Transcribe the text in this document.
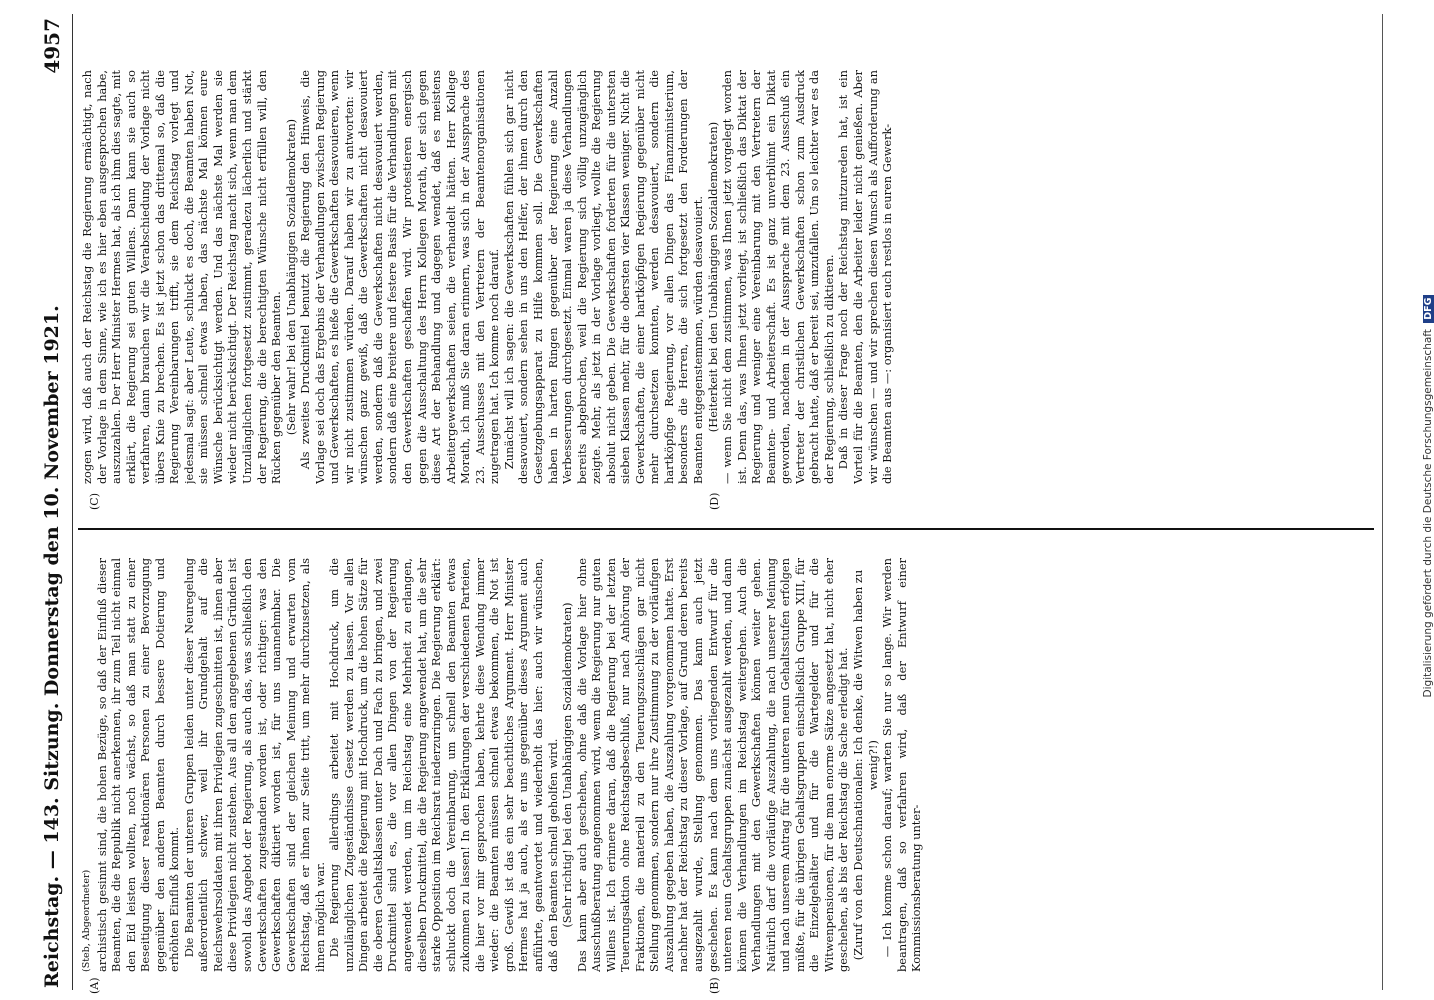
Reichstag. — 143. Sitzung. Donnerstag den 10. November 1921.
4957
(A)	(B)
(C)	(D)

(Steb, Abgeordneter) archistisch gesinnt sind, die hohen Bezüge, so daß der Einfluß dieser Beamten, die die Republik nicht anerkennen, ihr zum Teil nicht einmal den Eid leisten wollten, noch wächst, so daß man statt zu einer Beseitigung dieser reaktionären Personen zu einer Bevorzugung gegenüber den anderen Beamten durch bessere Dotierung und erhöhten Einfluß kommt. Die Beamten der unteren Gruppen leiden unter dieser Neuregelung außerordentlich schwer, weil ihr Grundgehalt auf die Reichswehrsoldaten mit ihren Privilegien zugeschnitten ist, ihnen aber diese Privilegien nicht zustehen. Aus all den angegebenen Gründen ist sowohl das Angebot der Regierung, als auch das, was schließlich den Gewerkschaften zugestanden worden ist, oder richtiger: was den Gewerkschaften diktiert worden ist, für uns unannehmbar. Die Gewerkschaften sind der gleichen Meinung und erwarten vom Reichstag, daß er ihnen zur Seite tritt, um mehr durchzusetzen, als ihnen möglich war. Die Regierung allerdings arbeitet mit Hochdruck, um die unzulänglichen Zugeständnisse Gesetz werden zu lassen. Vor allen Dingen arbeitet die Regierung mit Hochdruck, um die hohen Sätze für die oberen Gehaltsklassen unter Dach und Fach zu bringen, und zwei Druckmittel sind es, die vor allen Dingen von der Regierung angewendet werden, um im Reichstag eine Mehrheit zu erlangen, dieselben Druckmittel, die die Regierung angewendet hat, um die sehr starke Opposition im Reichsrat niederzuringen. Die Regierung erklärt: schluckt doch die Vereinbarung, um schnell den Beamten etwas zukommen zu lassen! In den Erklärungen der verschiedenen Parteien, die hier vor mir gesprochen haben, kehrte diese Wendung immer wieder: die Beamten müssen schnell etwas bekommen, die Not ist groß. Gewiß ist das ein sehr beachtliches Argument. Herr Minister Hermes hat ja auch, als er uns gegenüber dieses Argument auch anführte, geantwortet und wiederholt das hier: auch wir wünschen, daß den Beamten schnell geholfen wird. (Sehr richtig! bei den Unabhängigen Sozialdemokraten) Das kann aber auch geschehen, ohne daß die Vorlage hier ohne Ausschußberatung angenommen wird, wenn die Regierung nur guten Willens ist. Ich erinnere daran, daß die Regierung bei der letzten Teuerungsaktion ohne Reichstagsbeschluß, nur nach Anhörung der Fraktionen, die materiell zu den Teuerungszuschlägen gar nicht Stellung genommen, sondern nur ihre Zustimmung zu der vorläufigen Auszahlung gegeben haben, die Auszahlung vorgenommen hatte. Erst nachher hat der Reichstag zu dieser Vorlage, auf Grund deren bereits ausgezahlt wurde, Stellung genommen. Das kann auch jetzt geschehen. Es kann nach dem uns vorliegenden Entwurf für die unteren neun Gehaltsgruppen zunächst ausgezahlt werden, und dann können die Verhandlungen im Reichstag weitergehen. Auch die Verhandlungen mit den Gewerkschaften können weiter gehen. Natürlich darf die vorläufige Auszahlung, die nach unserer Meinung und nach unserem Antrag für die unteren neun Gehaltsstufen erfolgen müßte, für die übrigen Gehaltsgruppen einschließlich Gruppe XIII, für die Einzelgehälter und für die Wartegelder und für die Witwenpensionen, für die man enorme Sätze angesetzt hat, nicht eher geschehen, als bis der Reichstag die Sache erledigt hat. (Zuruf von den Deutschnationalen: Ich denke, die Witwen haben zu wenig?!) — Ich komme schon darauf; warten Sie nur so lange. Wir werden beantragen, daß so verfahren wird, daß der Entwurf einer Kommissionsberatung unter-

zogen wird, daß auch der Reichstag die Regierung ermächtigt, nach der Vorlage in dem Sinne, wie ich es hier eben ausgesprochen habe, auszuzahlen. Der Herr Minister Hermes hat, als ich ihm dies sagte, mit erklärt, die Regierung sei guten Willens. Dann kann sie auch so verfahren, dann brauchen wir die Verabschiedung der Vorlage nicht übers Knie zu brechen. Es ist jetzt schon das drittemal so, daß die Regierung Vereinbarungen trifft, sie dem Reichstag vorlegt und jedesmal sagt: aber Leute, schluckt es doch, die Beamten haben Not, sie müssen schnell etwas haben, das nächste Mal können eure Wünsche berücksichtigt werden. Und das nächste Mal werden sie wieder nicht berücksichtigt. Der Reichstag macht sich, wenn man dem Unzulänglichen fortgesetzt zustimmt, geradezu lächerlich und stärkt der Regierung, die die berechtigten Wünsche nicht erfüllen will, den Rücken gegenüber den Beamten. (Sehr wahr! bei den Unabhängigen Sozialdemokraten) Als zweites Druckmittel benutzt die Regierung den Hinweis, die Vorlage sei doch das Ergebnis der Verhandlungen zwischen Regierung und Gewerkschaften, es hieße die Gewerkschaften desavouieren, wenn wir nicht zustimmen würden. Darauf haben wir zu antworten: wir wünschen ganz gewiß, daß die Gewerkschaften nicht desavouiert werden, sondern daß die Gewerkschaften nicht desavouiert werden, sondern daß eine breitere und festere Basis für die Verhandlungen mit den Gewerkschaften geschaffen wird. Wir protestieren energisch gegen die Ausschaltung des Herrn Kollegen Morath, der sich gegen diese Art der Behandlung und dagegen wendet, daß es meistens Arbeitergewerkschaften seien, die verhandelt hätten. Herr Kollege Morath, ich muß Sie daran erinnern, was sich in der Aussprache des 23. Ausschusses mit den Vertretern der Beamtenorganisationen zugetragen hat. Ich komme noch darauf. Zunächst will ich sagen: die Gewerkschaften fühlen sich gar nicht desavouiert, sondern sehen in uns den Helfer, der ihnen durch den Gesetzgebungsapparat zu Hilfe kommen soll. Die Gewerkschaften haben in harten Ringen gegenüber der Regierung eine Anzahl Verbesserungen durchgesetzt. Einmal waren ja diese Verhandlungen bereits abgebrochen, weil die Regierung sich völlig unzugänglich zeigte. Mehr, als jetzt in der Vorlage vorliegt, wollte die Regierung absolut nicht geben. Die Gewerkschaften forderten für die untersten sieben Klassen mehr, für die obersten vier Klassen weniger. Nicht die Gewerkschaften, die einer hartköpfigen Regierung gegenüber nicht mehr durchsetzen konnten, werden desavouiert, sondern die hartköpfige Regierung, vor allen Dingen das Finanzministerium, besonders die Herren, die sich fortgesetzt den Forderungen der Beamten entgegenstemmen, würden desavouiert. (Heiterkeit bei den Unabhängigen Sozialdemokraten) — wenn Sie nicht dem zustimmen, was Ihnen jetzt vorgelegt worden ist. Denn das, was Ihnen jetzt vorliegt, ist schließlich das Diktat der Regierung und weniger eine Vereinbarung mit den Vertretern der Beamten- und Arbeiterschaft. Es ist ganz unverblümt ein Diktat geworden, nachdem in der Aussprache mit dem 23. Ausschuß ein Vertreter der christlichen Gewerkschaften schon zum Ausdruck gebracht hatte, daß er bereit sei, umzufallen. Um so leichter war es da der Regierung, schließlich zu diktieren. Daß in dieser Frage noch der Reichstag mitzureden hat, ist ein Vorteil für die Beamten, den die Arbeiter leider nicht genießen. Aber wir wünschen — und wir sprechen diesen Wunsch als Aufforderung an die Beamten aus —: organisiert euch restlos in euren Gewerk-

Digitalisierung gefördert durch die Deutsche Forschungsgemeinschaft DFG
